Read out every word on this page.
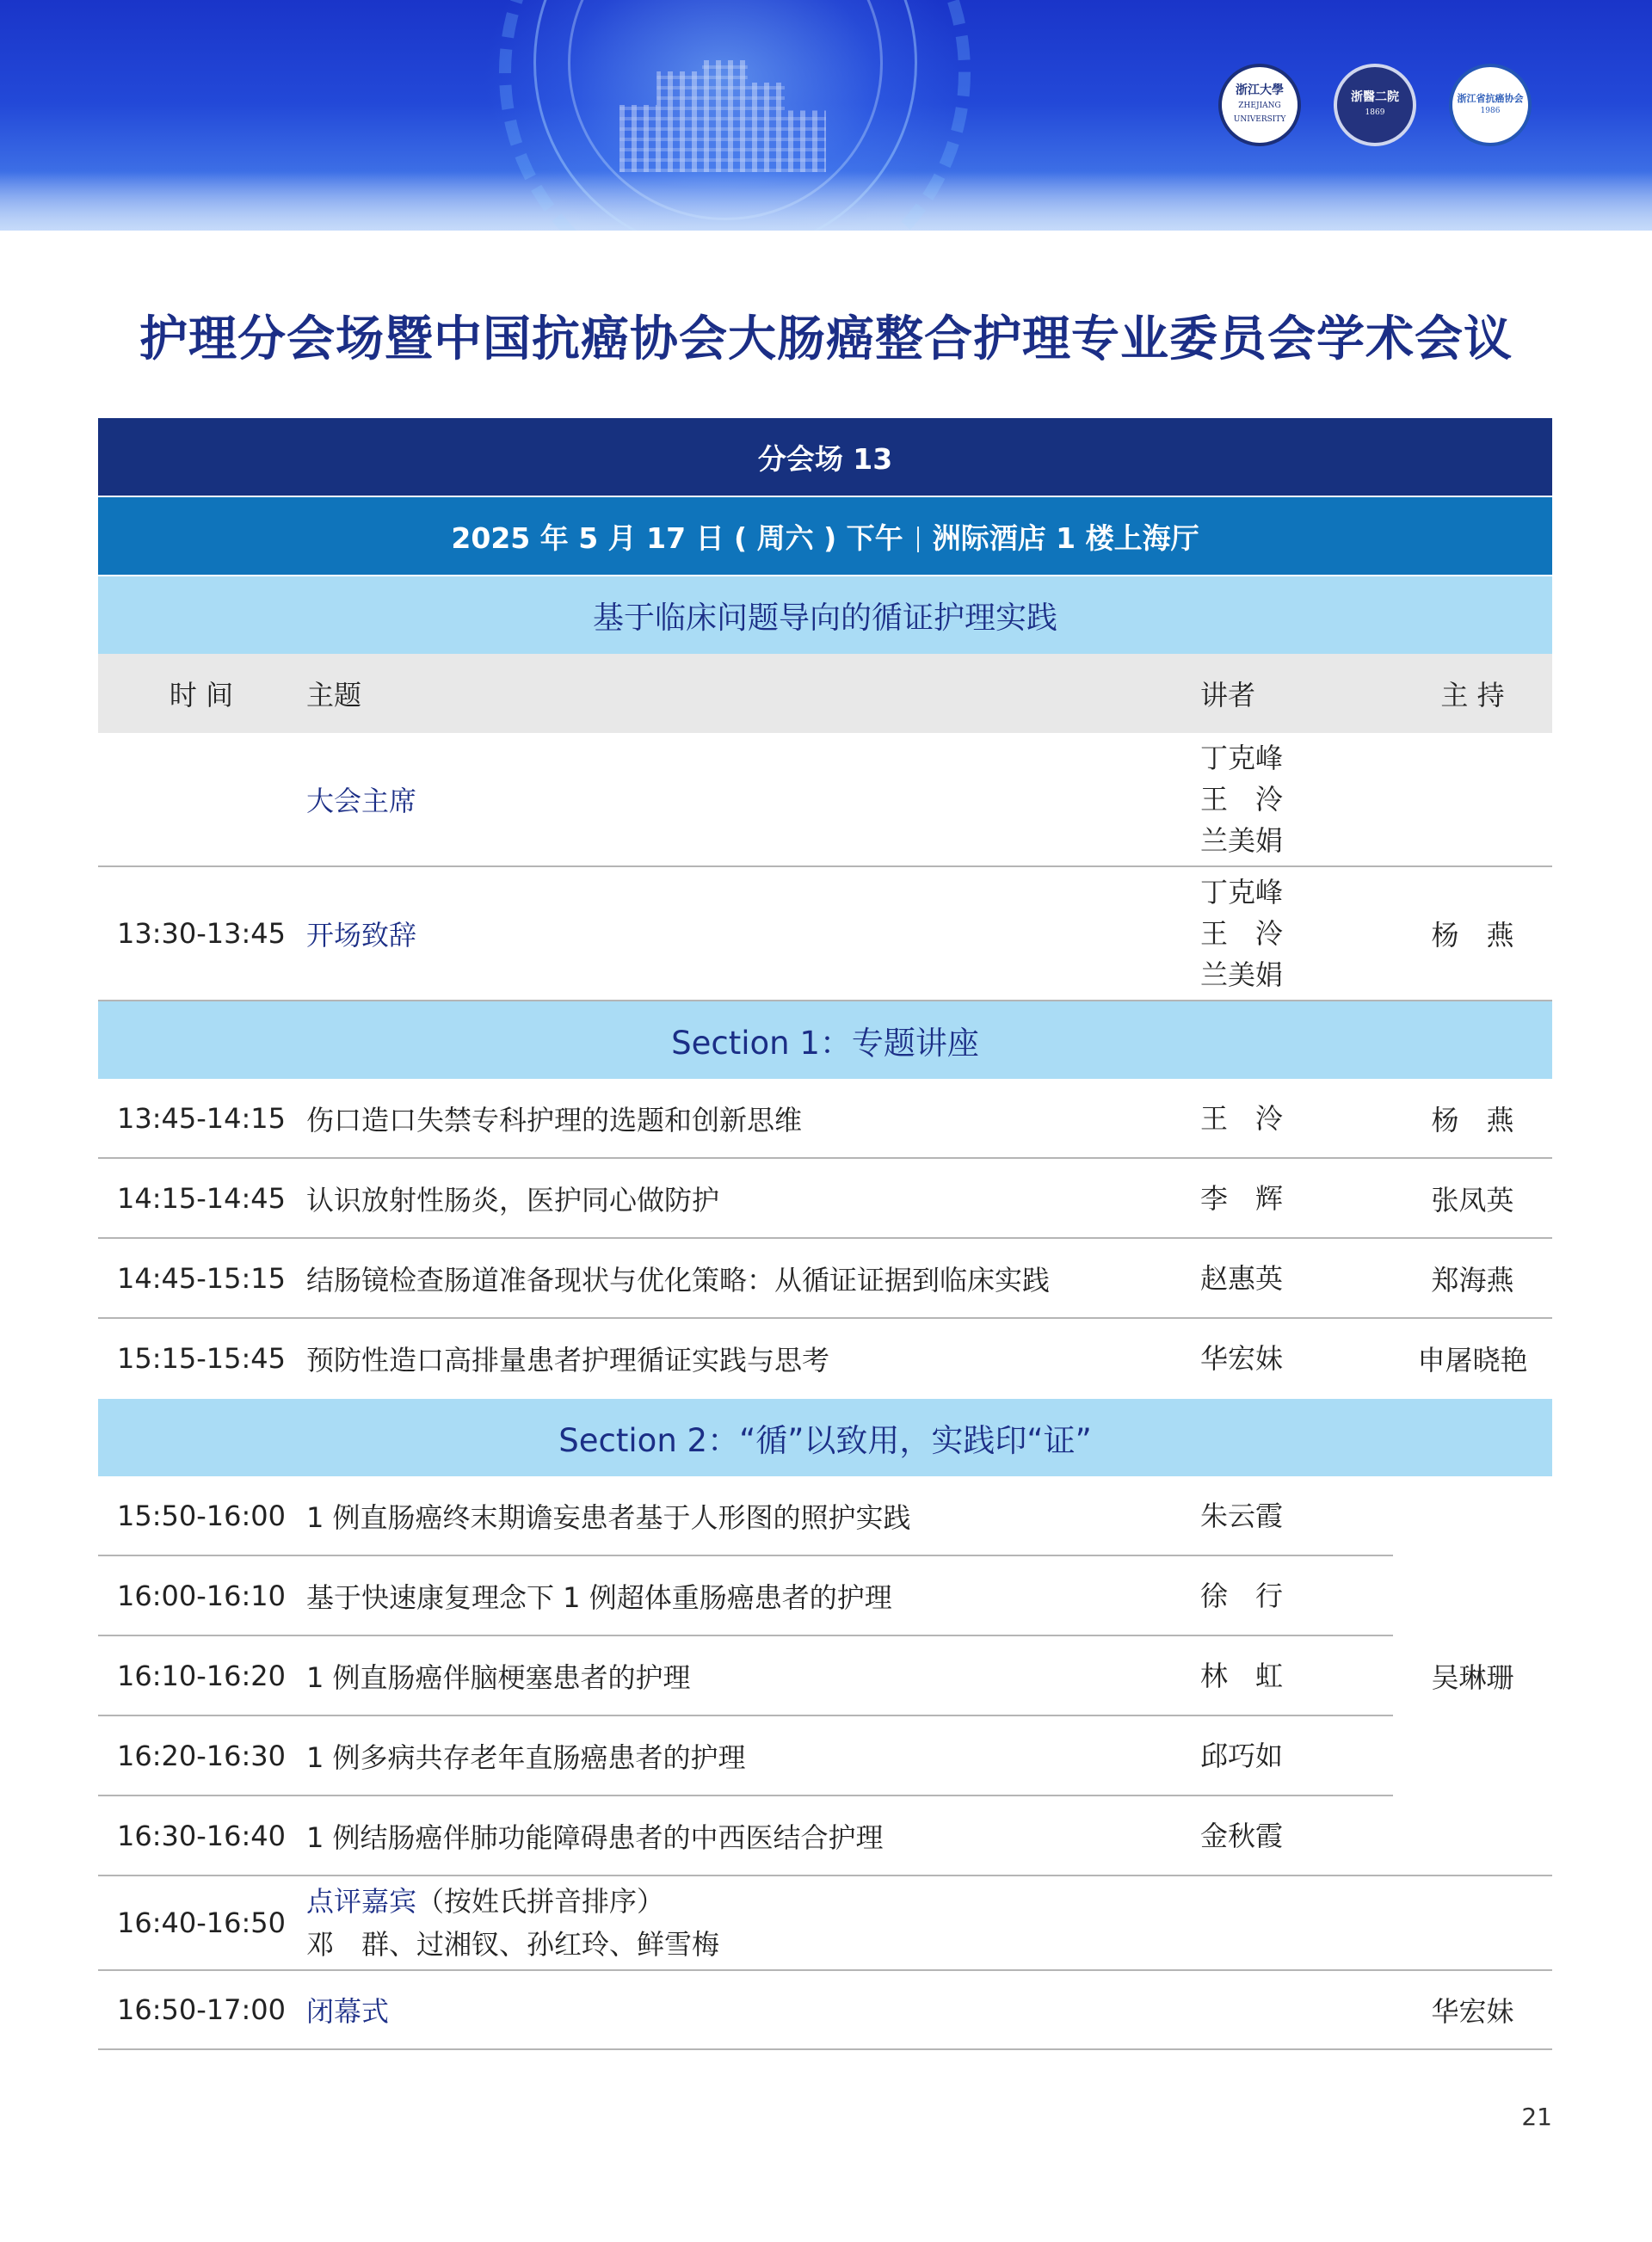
浙江大學
ZHEJIANG UNIVERSITY
浙醫二院
1869
浙江省抗癌协会
1986
护理分会场暨中国抗癌协会大肠癌整合护理专业委员会学术会议
分会场 13			
2025 年 5 月 17 日 ( 周六 ) 下午 洲际酒店 1 楼上海厅			
基于临床问题导向的循证护理实践			
时 间	主题	讲者	主 持
	大会主席	丁克峰
王　泠
兰美娟	

13:30-13:45	开场致辞	丁克峰
王　泠
兰美娟	杨　燕
Section 1：专题讲座			
13:45-14:15	伤口造口失禁专科护理的选题和创新思维	王　泠	杨　燕
14:15-14:45	认识放射性肠炎，医护同心做防护	李　辉	张凤英
14:45-15:15	结肠镜检查肠道准备现状与优化策略：从循证证据到临床实践	赵惠英	郑海燕
15:15-15:45	预防性造口高排量患者护理循证实践与思考	华宏妹	申屠晓艳
Section 2：“循”以致用，实践印“证”			
15:50-16:00	1 例直肠癌终末期谵妄患者基于人形图的照护实践	朱云霞	吴琳珊
16:00-16:10	基于快速康复理念下 1 例超体重肠癌患者的护理	徐　行	
16:10-16:20	1 例直肠癌伴脑梗塞患者的护理	林　虹	
16:20-16:30	1 例多病共存老年直肠癌患者的护理	邱巧如	
16:30-16:40	1 例结肠癌伴肺功能障碍患者的中西医结合护理	金秋霞	
16:40-16:50	点评嘉宾（按姓氏拼音排序）
邓　群、过湘钗、孙红玲、鲜雪梅		

16:50-17:00	闭幕式		华宏妹
21
